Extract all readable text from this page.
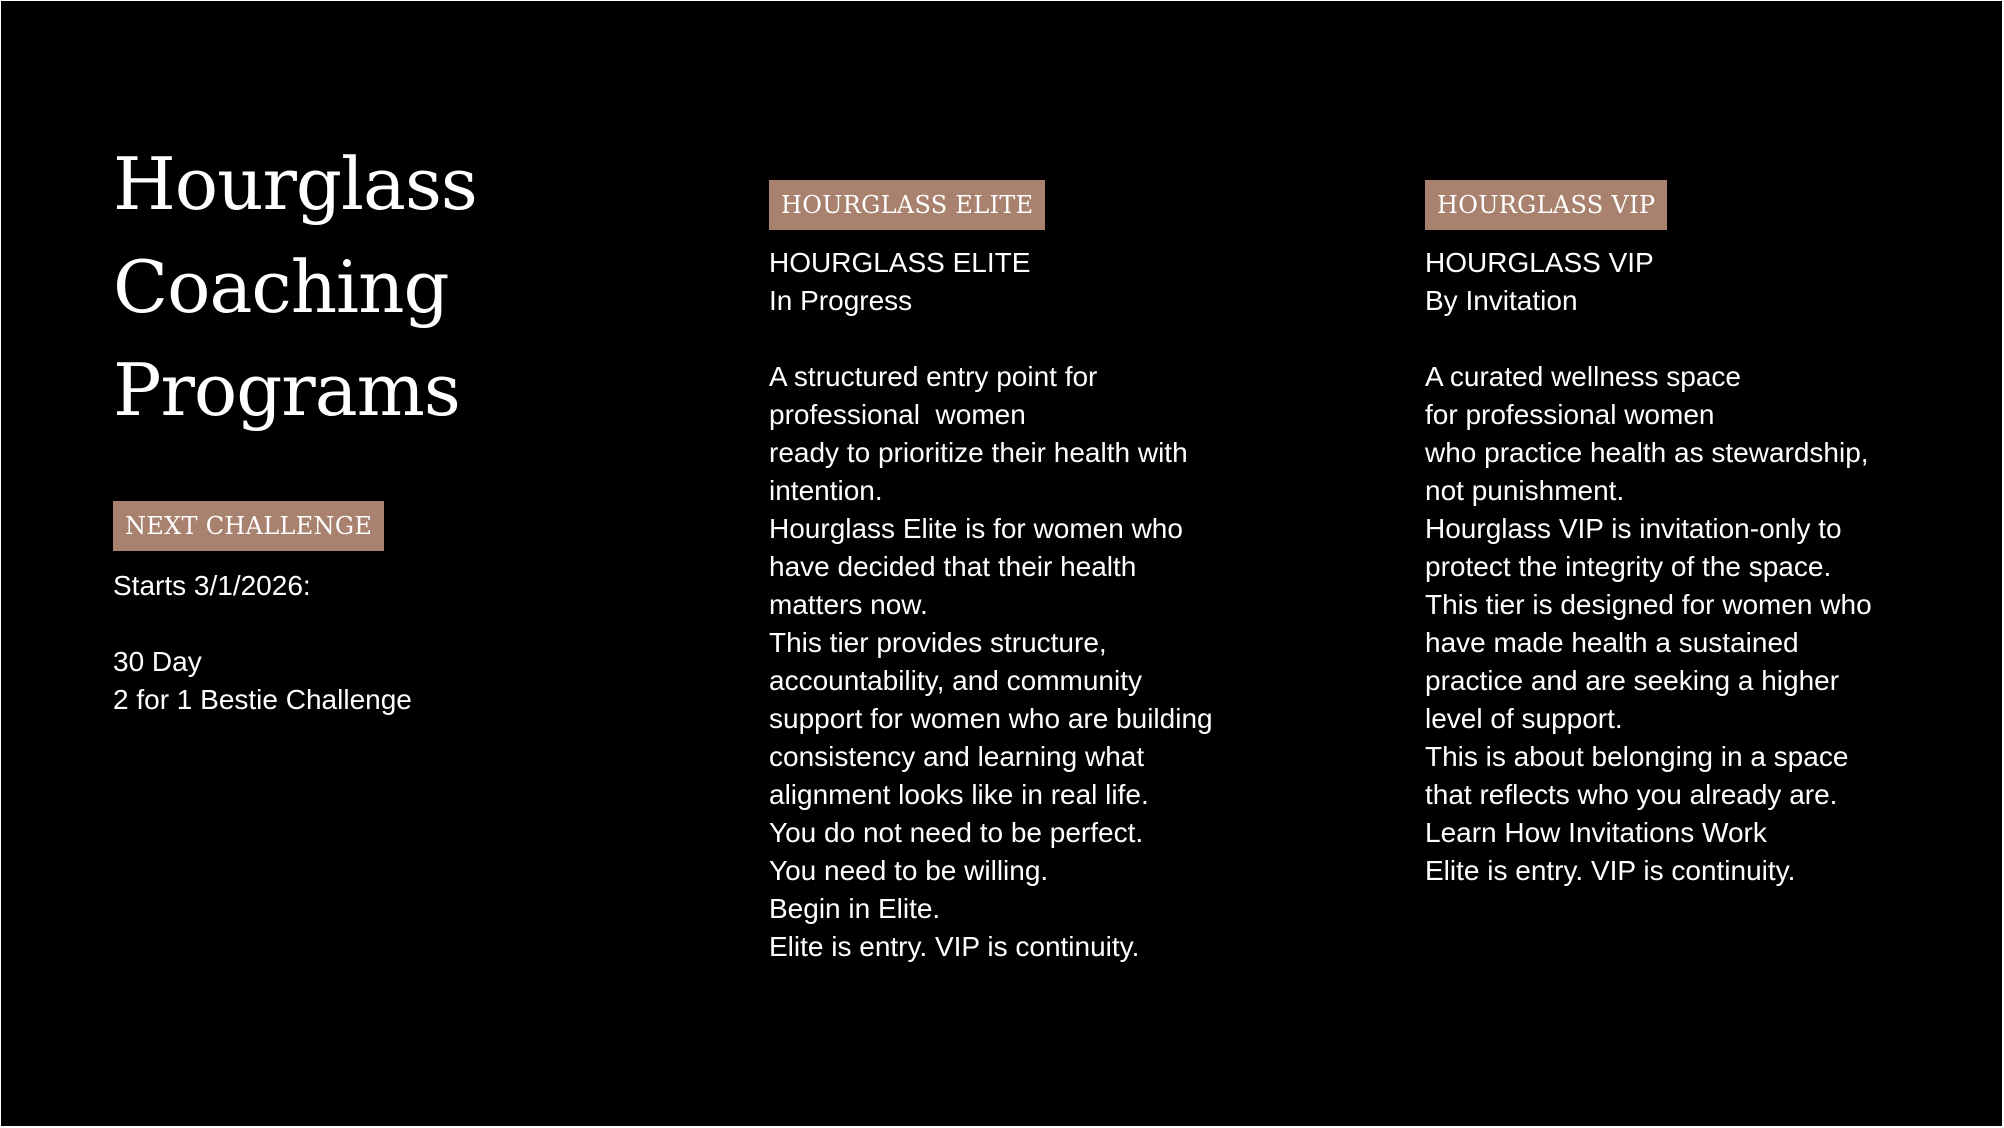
Hourglass
Coaching
Programs
NEXT CHALLENGE
Starts 3/1/2026:
30 Day
2 for 1 Bestie Challenge
HOURGLASS ELITE
HOURGLASS ELITE
In Progress
A structured entry point for
professional  women
ready to prioritize their health with
intention.
Hourglass Elite is for women who
have decided that their health
matters now.
This tier provides structure,
accountability, and community
support for women who are building
consistency and learning what
alignment looks like in real life.
You do not need to be perfect.
You need to be willing.
Begin in Elite.
Elite is entry. VIP is continuity.
HOURGLASS VIP
HOURGLASS VIP
By Invitation
A curated wellness space
for professional women
who practice health as stewardship,
not punishment.
Hourglass VIP is invitation-only to
protect the integrity of the space.
This tier is designed for women who
have made health a sustained
practice and are seeking a higher
level of support.
This is about belonging in a space
that reflects who you already are.
Learn How Invitations Work
Elite is entry. VIP is continuity.
